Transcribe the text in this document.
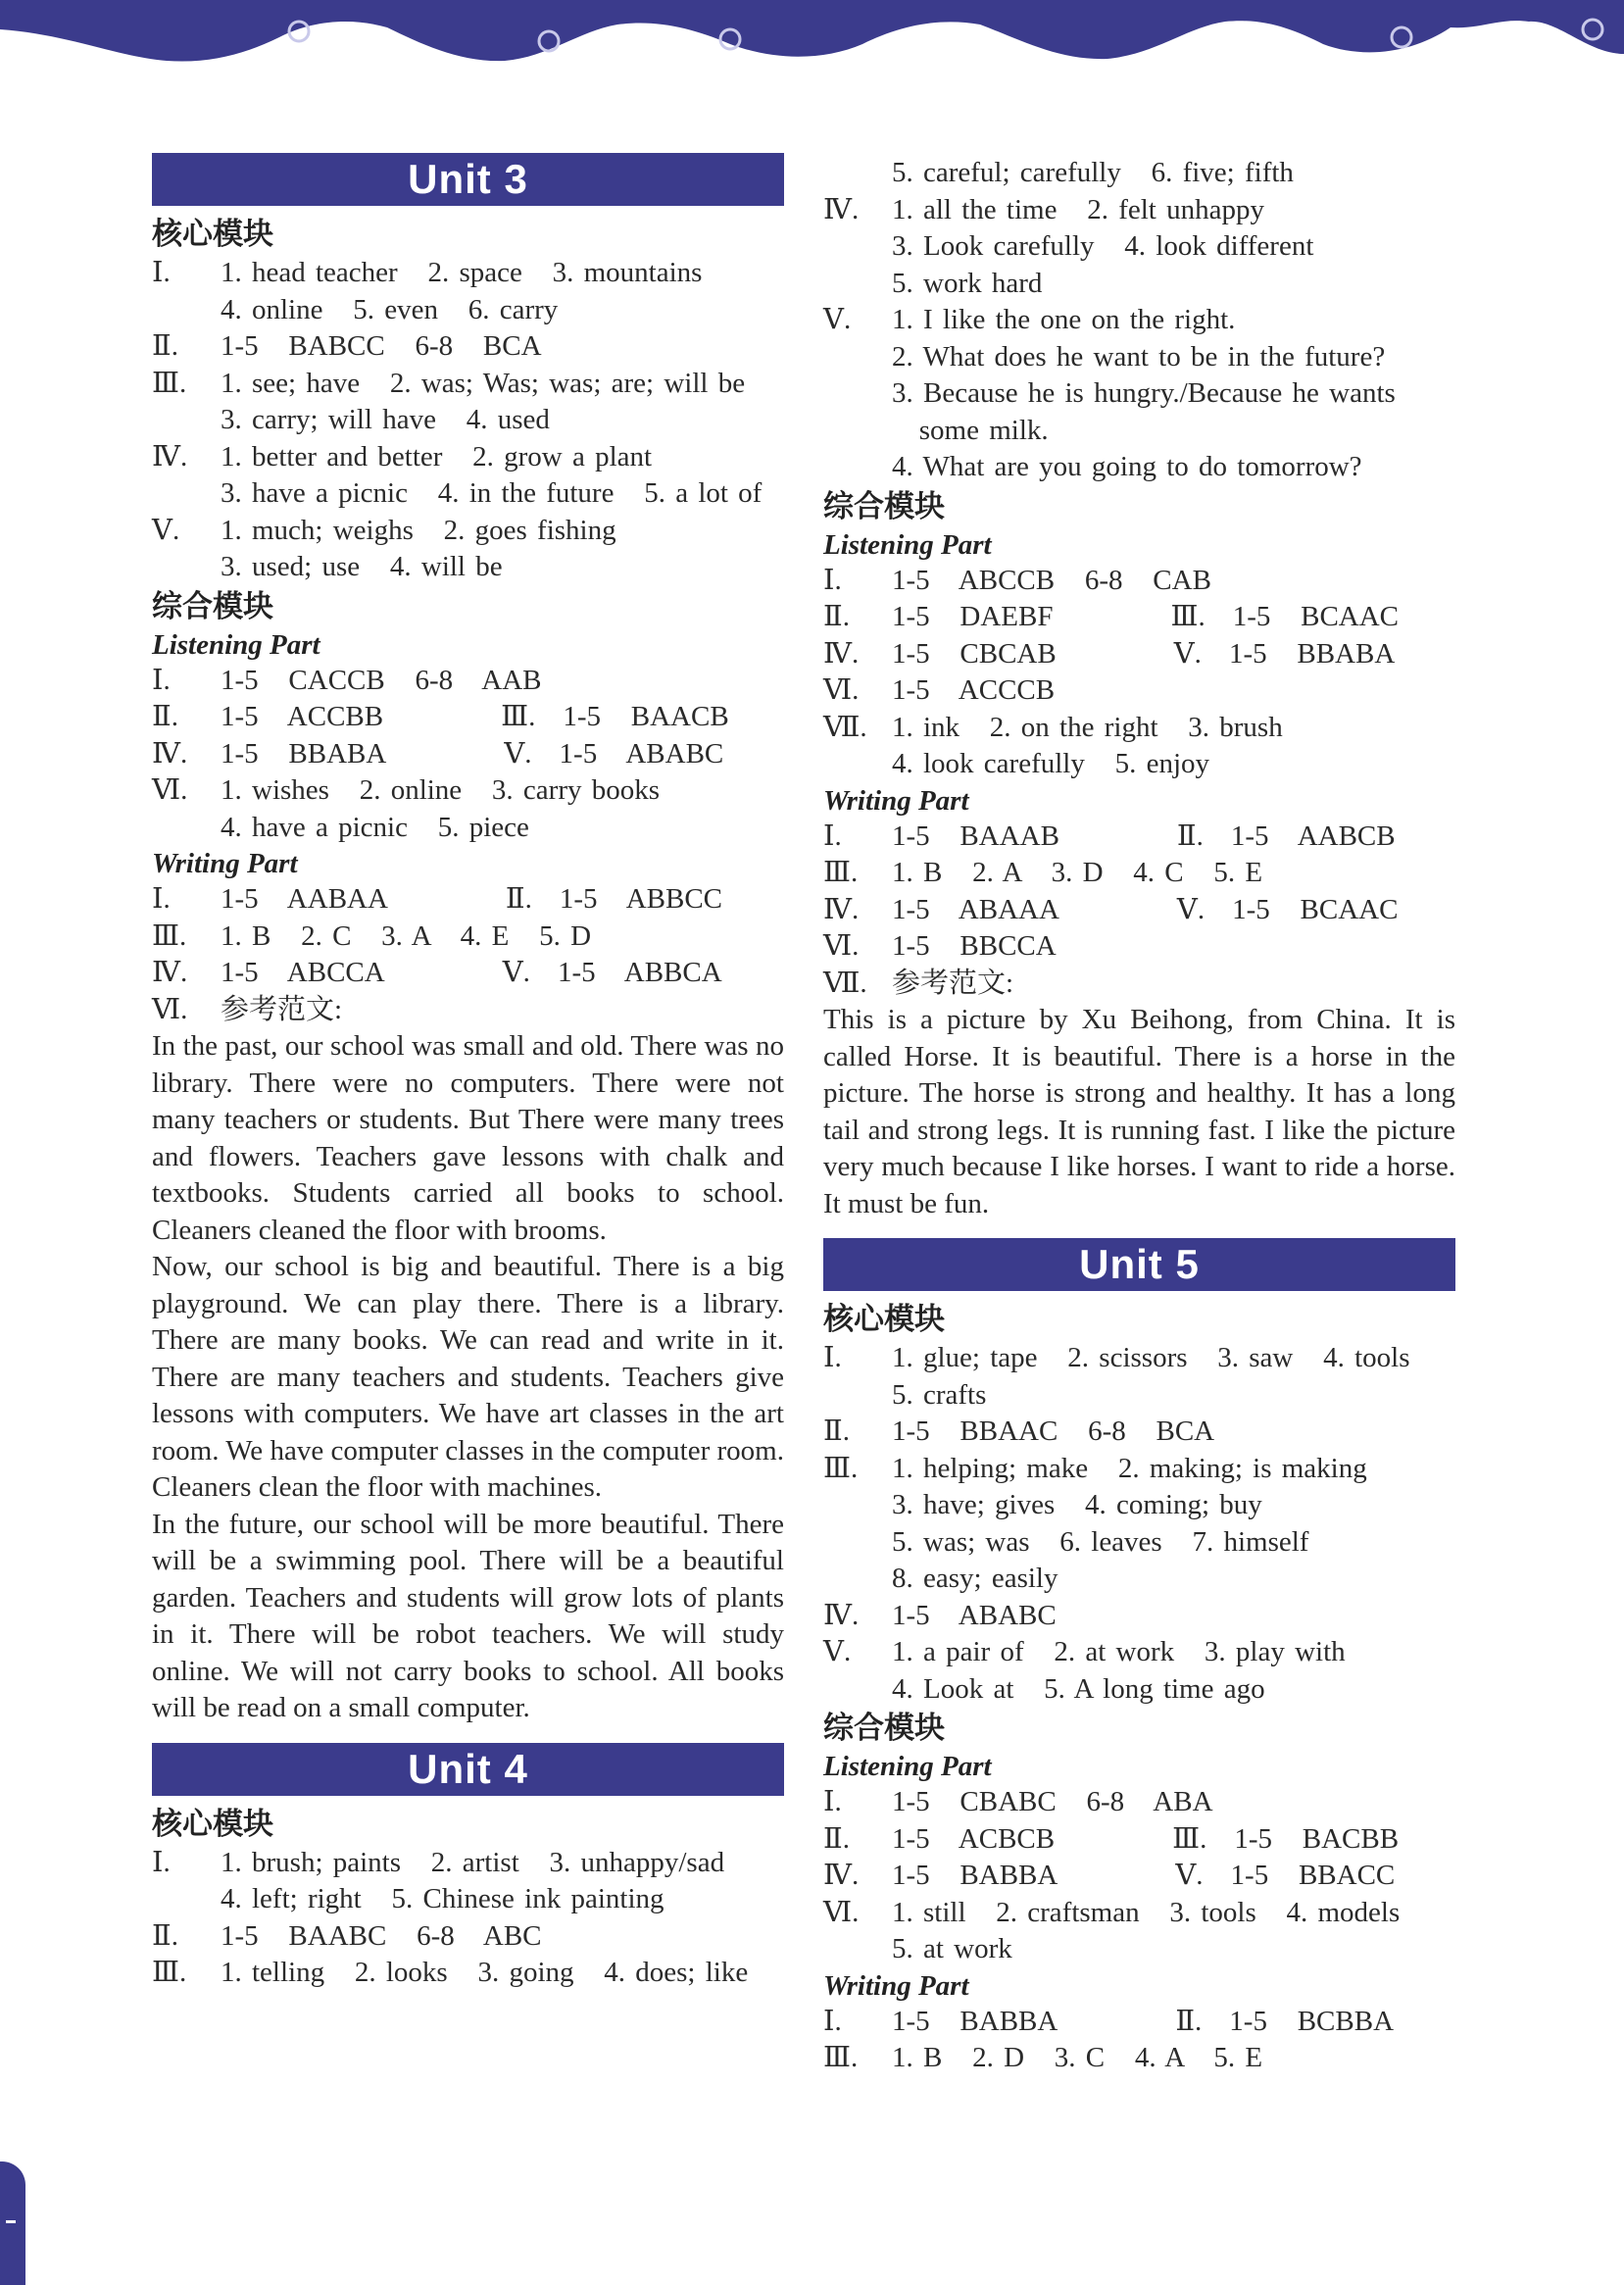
Unit 3
核心模块
Ⅰ.	1. head teacher   2. space   3. mountains
4. online   5. even   6. carry
Ⅱ.	1-5   BABCC   6-8   BCA
Ⅲ.	1. see; have   2. was; Was; was; are; will be
3. carry; will have   4. used
Ⅳ.	1. better and better   2. grow a plant
3. have a picnic   4. in the future   5. a lot of
Ⅴ.	1. much; weighs   2. goes fishing
3. used; use   4. will be
综合模块
Listening Part
Ⅰ.	1-5   CACCB   6-8   AAB
Ⅱ.	1-5   ACCBB	Ⅲ. 1-5   BAACB
Ⅳ.	1-5   BBABA	Ⅴ. 1-5   ABABC
Ⅵ.	1. wishes   2. online   3. carry books
4. have a picnic   5. piece
Writing Part
Ⅰ.	1-5   AABAA	Ⅱ. 1-5   ABBCC
Ⅲ.	1. B   2. C   3. A   4. E   5. D
Ⅳ.	1-5   ABCCA	Ⅴ. 1-5   ABBCA
Ⅵ.	参考范文:

In the past, our school was small and old. There was no library. There were no computers. There were not many teachers or students. But There were many trees and flowers. Teachers gave lessons with chalk and textbooks. Students carried all books to school. Cleaners cleaned the floor with brooms.

Now, our school is big and beautiful. There is a big playground. We can play there. There is a library. There are many books. We can read and write in it. There are many teachers and students. Teachers give lessons with computers. We have art classes in the art room. We have computer classes in the computer room. Cleaners clean the floor with machines.

In the future, our school will be more beautiful. There will be a swimming pool. There will be a beautiful garden. Teachers and students will grow lots of plants in it. There will be robot teachers. We will study online. We will not carry books to school. All books will be read on a small computer.

Unit 4
核心模块
Ⅰ.	1. brush; paints   2. artist   3. unhappy/sad
4. left; right   5. Chinese ink painting
Ⅱ.	1-5   BAABC   6-8   ABC
Ⅲ.	1. telling   2. looks   3. going   4. does; like
5. careful; carefully   6. five; fifth
Ⅳ.	1. all the time   2. felt unhappy
3. Look carefully   4. look different
5. work hard
Ⅴ.	1. I like the one on the right.
2. What does he want to be in the future?
3. Because he is hungry./Because he wants
some milk.
4. What are you going to do tomorrow?
综合模块
Listening Part
Ⅰ.	1-5   ABCCB   6-8   CAB
Ⅱ.	1-5   DAEBF	Ⅲ. 1-5   BCAAC
Ⅳ.	1-5   CBCAB	Ⅴ. 1-5   BBABA
Ⅵ.	1-5   ACCCB
Ⅶ. 1. ink   2. on the right   3. brush
4. look carefully   5. enjoy
Writing Part
Ⅰ.	1-5   BAAAB	Ⅱ. 1-5   AABCB
Ⅲ.	1. B   2. A   3. D   4. C   5. E
Ⅳ.	1-5   ABAAA	Ⅴ. 1-5   BCAAC
Ⅵ.	1-5   BBCCA
Ⅶ. 参考范文:

This is a picture by Xu Beihong, from China. It is called Horse. It is beautiful. There is a horse in the picture. The horse is strong and healthy. It has a long tail and strong legs. It is running fast. I like the picture very much because I like horses. I want to ride a horse. It must be fun.

Unit 5
核心模块
Ⅰ.	1. glue; tape   2. scissors   3. saw   4. tools
5. crafts
Ⅱ.	1-5   BBAAC   6-8   BCA
Ⅲ.	1. helping; make   2. making; is making
3. have; gives   4. coming; buy
5. was; was   6. leaves   7. himself
8. easy; easily
Ⅳ.	1-5   ABABC
Ⅴ.	1. a pair of   2. at work   3. play with
4. Look at   5. A long time ago
综合模块
Listening Part
Ⅰ.	1-5   CBABC   6-8   ABA
Ⅱ.	1-5   ACBCB	Ⅲ. 1-5   BACBB
Ⅳ.	1-5   BABBA	Ⅴ. 1-5   BBACC
Ⅵ.	1. still   2. craftsman   3. tools   4. models
5. at work
Writing Part
Ⅰ.	1-5   BABBA	Ⅱ. 1-5   BCBBA
Ⅲ.	1. B   2. D   3. C   4. A   5. E
